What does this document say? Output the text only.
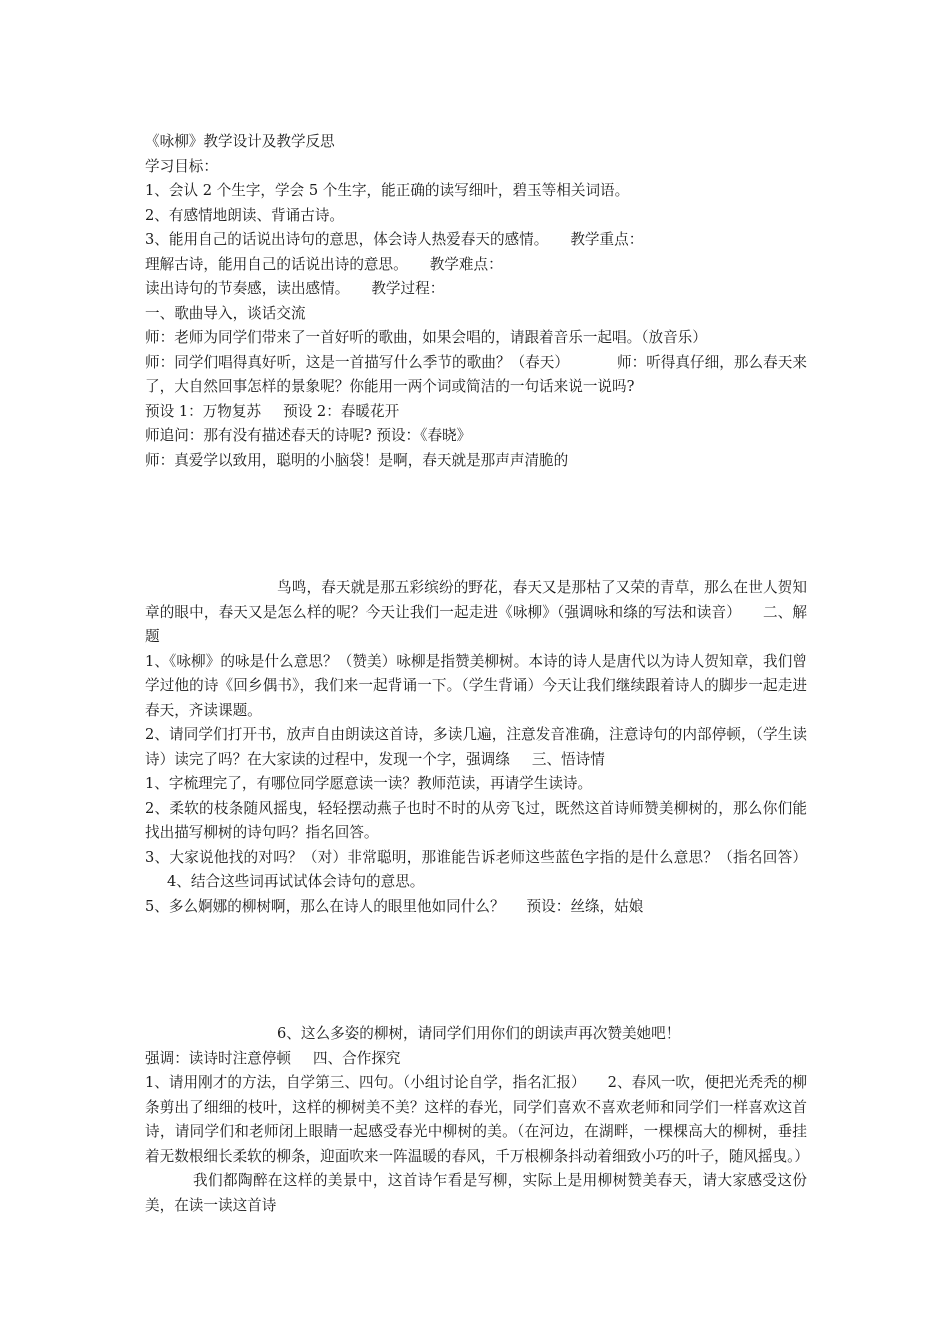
《咏柳》教学设计及教学反思

学习目标：

1、会认 2 个生字，学会 5 个生字，能正确的读写细叶，碧玉等相关词语。

2、有感情地朗读、背诵古诗。

3、能用自己的话说出诗句的意思，体会诗人热爱春天的感情。 教学重点：

理解古诗，能用自己的话说出诗的意思。 教学难点：

读出诗句的节奏感，读出感情。 教学过程：

一、歌曲导入，谈话交流

师：老师为同学们带来了一首好听的歌曲，如果会唱的，请跟着音乐一起唱。（放音乐）

师：同学们唱得真好听，这是一首描写什么季节的歌曲？（春天）	师：听得真仔细，那么春天来了，大自然回事怎样的景象呢？你能用一两个词或简洁的一句话来说一说吗?

预设 1：万物复苏 预设 2：春暖花开

师追问：那有没有描述春天的诗呢? 预设：《春晓》

师：真爱学以致用，聪明的小脑袋！是啊，春天就是那声声清脆的

鸟鸣，春天就是那五彩缤纷的野花，春天又是那枯了又荣的青草，那么在世人贺知章的眼中，春天又是怎么样的呢？今天让我们一起走进《咏柳》（强调咏和绦的写法和读音） 二、解题

1、《咏柳》的咏是什么意思？（赞美）咏柳是指赞美柳树。本诗的诗人是唐代以为诗人贺知章，我们曾学过他的诗《回乡偶书》，我们来一起背诵一下。（学生背诵）今天让我们继续跟着诗人的脚步一起走进春天，齐读课题。

2、请同学们打开书，放声自由朗读这首诗，多读几遍，注意发音准确，注意诗句的内部停顿，（学生读诗）读完了吗？在大家读的过程中，发现一个字，强调绦 三、悟诗情

1、字梳理完了，有哪位同学愿意读一读？教师范读，再请学生读诗。

2、柔软的枝条随风摇曳，轻轻摆动燕子也时不时的从旁飞过，既然这首诗师赞美柳树的，那么你们能找出描写柳树的诗句吗？指名回答。

3、大家说他找的对吗？（对）非常聪明，那谁能告诉老师这些蓝色字指的是什么意思？（指名回答）4、结合这些词再试试体会诗句的意思。

5、多么婀娜的柳树啊，那么在诗人的眼里他如同什么？ 预设：丝绦，姑娘

6、这么多姿的柳树，请同学们用你们的朗读声再次赞美她吧！

强调：读诗时注意停顿 四、合作探究

1、请用刚才的方法，自学第三、四句。（小组讨论自学，指名汇报） 2、春风一吹，便把光秃秃的柳条剪出了细细的枝叶，这样的柳树美不美？这样的春光，同学们喜欢不喜欢老师和同学们一样喜欢这首诗，请同学们和老师闭上眼睛一起感受春光中柳树的美。（在河边，在湖畔，一棵棵高大的柳树，垂挂着无数根细长柔软的柳条，迎面吹来一阵温暖的春风，千万根柳条抖动着细致小巧的叶子，随风摇曳。）我们都陶醉在这样的美景中，这首诗乍看是写柳，实际上是用柳树赞美春天，请大家感受这份美，在读一读这首诗
